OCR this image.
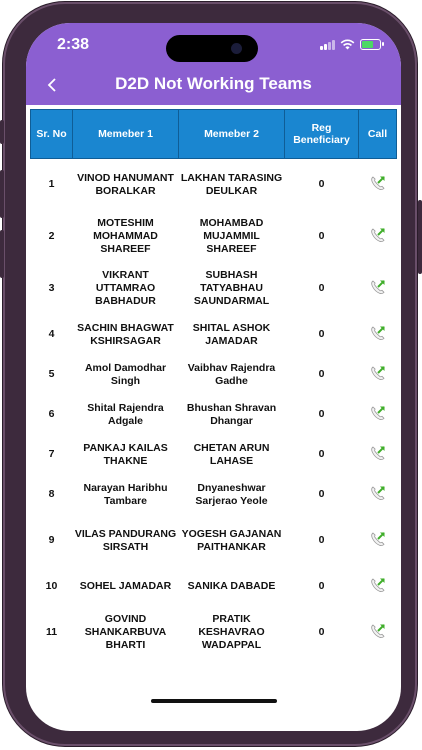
2:38
D2D Not Working Teams
Sr. No	Memeber 1	Memeber 2	Reg Beneficiary	Call
1	VINOD HANUMANT BORALKAR	LAKHAN TARASING DEULKAR	0	
2	MOTESHIM MOHAMMAD SHAREEF	MOHAMBAD MUJAMMIL SHAREEF	0	
3	VIKRANT UTTAMRAO BABHADUR	SUBHASH TATYABHAU SAUNDARMAL	0	
4	SACHIN BHAGWAT KSHIRSAGAR	SHITAL ASHOK JAMADAR	0	
5	Amol Damodhar Singh	Vaibhav Rajendra Gadhe	0	
6	Shital Rajendra Adgale	Bhushan Shravan Dhangar	0	
7	PANKAJ KAILAS THAKNE	CHETAN ARUN LAHASE	0	
8	Narayan Haribhu Tambare	Dnyaneshwar Sarjerao Yeole	0	
9	VILAS PANDURANG SIRSATH	YOGESH GAJANAN PAITHANKAR	0	
10	SOHEL JAMADAR	SANIKA DABADE	0	
11	GOVIND SHANKARBUVA BHARTI	PRATIK KESHAVRAO WADAPPAL	0	
